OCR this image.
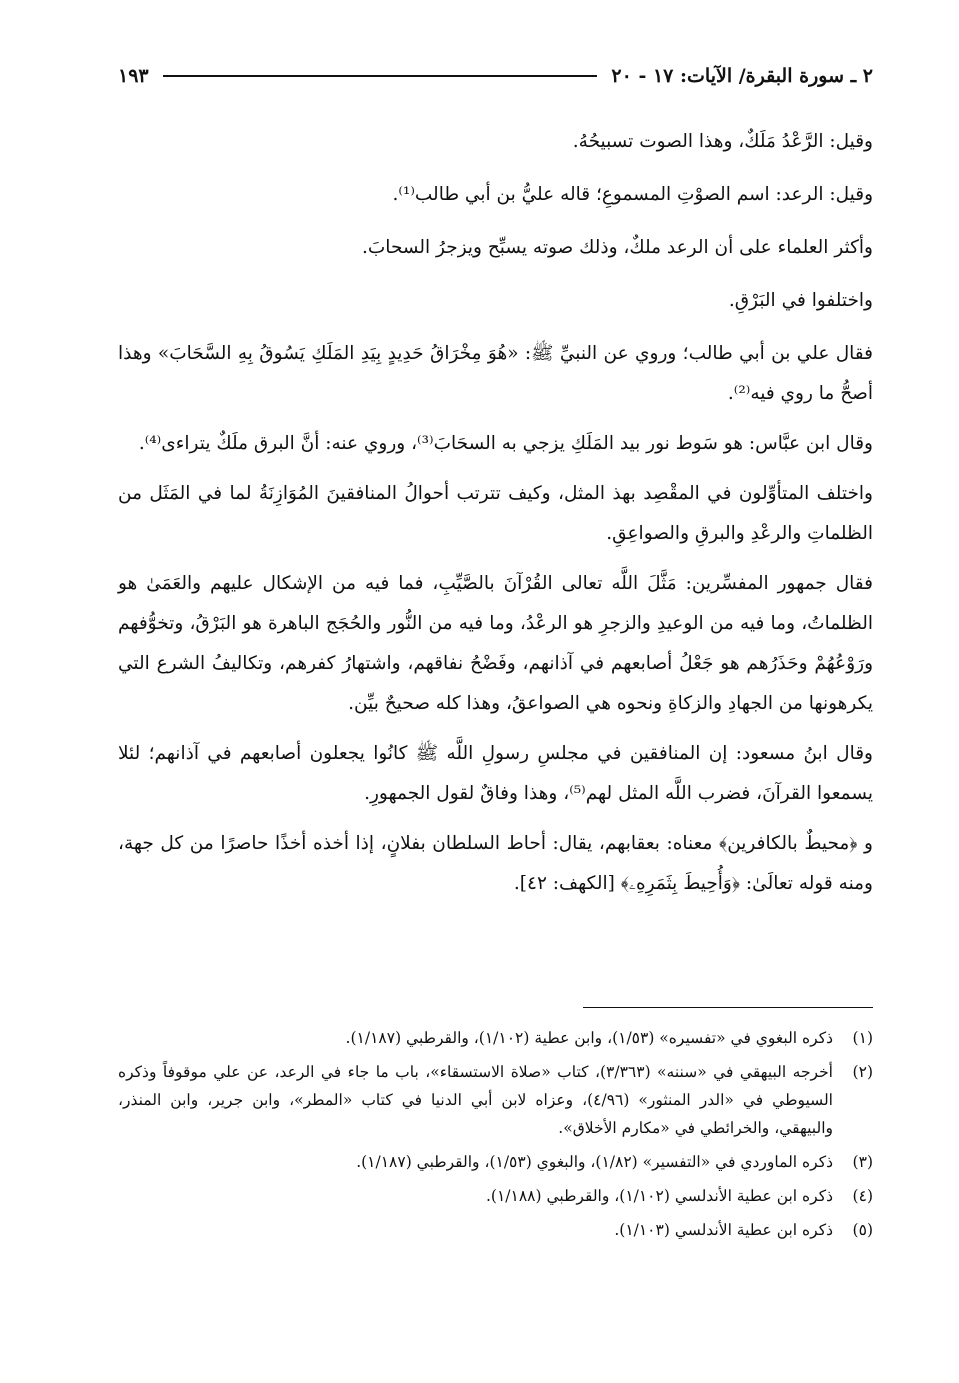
٢ ـ سورة البقرة/ الآيات: ١٧ - ٢٠
١٩٣

وقيل: الرَّعْدُ مَلَكٌ، وهذا الصوت تسبيحُهُ.

وقيل: الرعد: اسم الصوْتِ المسموعِ؛ قاله عليُّ بن أبي طالب⁽¹⁾.

وأكثر العلماء على أن الرعد ملكٌ، وذلك صوته يسبِّح ويزجرُ السحابَ.

واختلفوا في البَرْقِ.

فقال علي بن أبي طالب؛ وروي عن النبيِّ ﷺ: «هُوَ مِخْرَاقُ حَدِيدٍ بِيَدِ المَلَكِ يَسُوقُ بِهِ السَّحَابَ» وهذا أصحُّ ما روي فيه⁽²⁾.

وقال ابن عبَّاس: هو سَوط نور بيد المَلَكِ يزجي به السحَابَ⁽³⁾، وروي عنه: أنَّ البرق ملَكٌ يتراءى⁽⁴⁾.

واختلف المتأوِّلون في المقْصِد بهذ المثل، وكيف تترتب أحوالُ المنافقينَ المُوَازِنَةُ لما في المَثَل من الظلماتِ والرعْدِ والبرقِ والصواعِقِ.

فقال جمهور المفسِّرين: مَثَّلَ اللَّه تعالى القُرْآنَ بالصَّيِّبِ، فما فيه من الإشكال عليهم والعَمَىٰ هو الظلماتُ، وما فيه من الوعيدِ والزجرِ هو الرعْدُ، وما فيه من النُّور والحُجَج الباهرة هو البَرْقُ، وتخوُّفهم ورَوْعُهُمْ وحَذَرُهم هو جَعْلُ أصابعهم في آذانهم، وفَضْحُ نفاقهم، واشتهارُ كفرهم، وتكاليفُ الشرع التي يكرهونها من الجهادِ والزكاةِ ونحوه هي الصواعقُ، وهذا كله صحيحٌ بيِّن.

وقال ابنُ مسعود: إن المنافقين في مجلسِ رسولِ اللَّه ﷺ كانُوا يجعلون أصابعهم في آذانهم؛ لئلا يسمعوا القرآنَ، فضرب اللَّه المثل لهم⁽⁵⁾، وهذا وفاقٌ لقول الجمهورِ.

و ﴿محيطٌ بالكافرين﴾ معناه: بعقابهم، يقال: أحاط السلطان بفلانٍ، إذا أخذه أخذًا حاصرًا من كل جهة، ومنه قوله تعالَىٰ: ﴿وَأُحِيطَ بِثَمَرِهِۦ﴾ [الكهف: ٤٢].

(١)
ذكره البغوي في «تفسيره» (١/٥٣)، وابن عطية (١/١٠٢)، والقرطبي (١/١٨٧).
(٢)
أخرجه البيهقي في «سننه» (٣/٣٦٣)، كتاب «صلاة الاستسقاء»، باب ما جاء في الرعد، عن علي موقوفاً وذكره السيوطي في «الدر المنثور» (٤/٩٦)، وعزاه لابن أبي الدنيا في كتاب «المطر»، وابن جرير، وابن المنذر، والبيهقي، والخرائطي في «مكارم الأخلاق».
(٣)
ذكره الماوردي في «التفسير» (١/٨٢)، والبغوي (١/٥٣)، والقرطبي (١/١٨٧).
(٤)
ذكره ابن عطية الأندلسي (١/١٠٢)، والقرطبي (١/١٨٨).
(٥)
ذكره ابن عطية الأندلسي (١/١٠٣).
